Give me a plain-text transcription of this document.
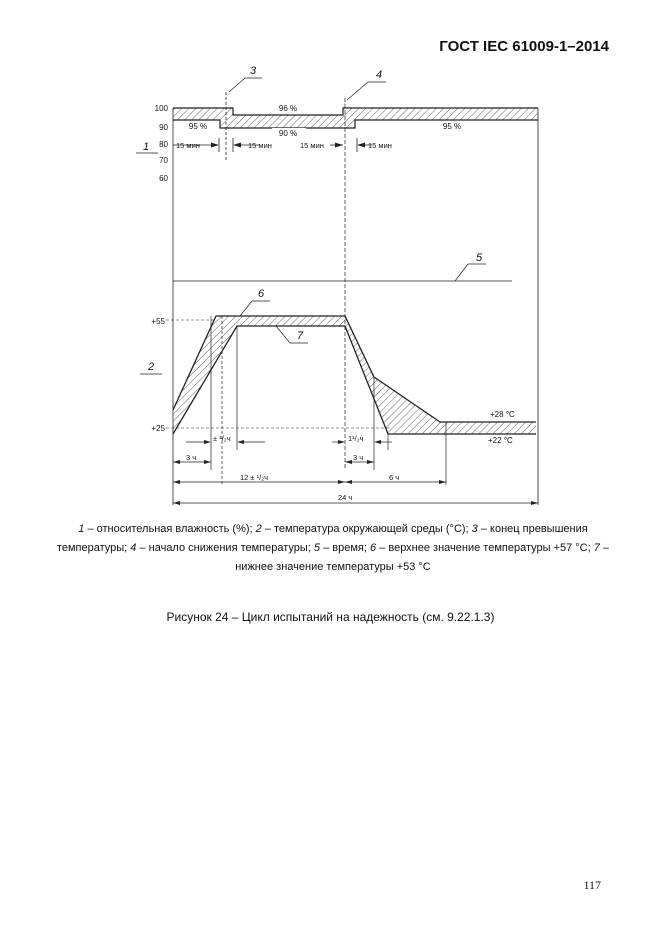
ГОСТ IEC 61009-1–2014
100
90
80
70
60
95 %
96 %
90 %
95 %
15 мин	15 мин	15 мин	15 мин
1
3	4
5
+55
+25
+28 °C
+22 °C
2
6
7
± ¹/₂ч	1¹/₂ч
3 ч	3 ч
12 ± ¹/₂ч	6 ч
24 ч
1 – относительная влажность (%); 2 – температура окружающей среды (°C); 3 – конец превышения температуры; 4 – начало снижения температуры; 5 – время; 6 – верхнее значение температуры +57 °C; 7 – нижнее значение температуры +53 °C
Рисунок 24 – Цикл испытаний на надежность (см. 9.22.1.3)
117
